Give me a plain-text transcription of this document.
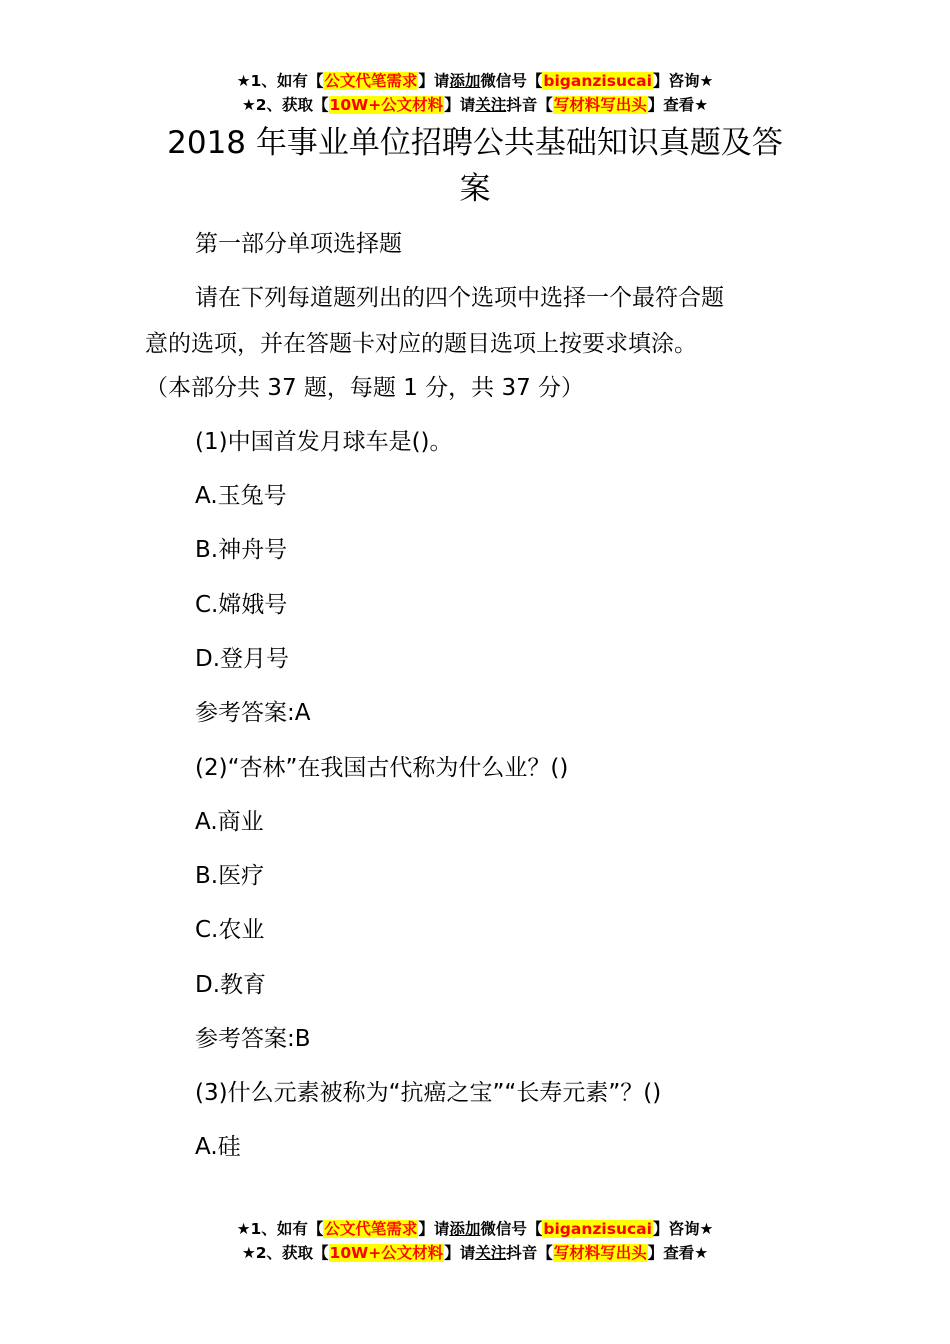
★1、如有【公文代笔需求】请添加微信号【biganzisucai】咨询★
★2、获取【10W+公文材料】请关注抖音【写材料写出头】查看★
2018 年事业单位招聘公共基础知识真题及答
案
第一部分单项选择题
请在下列每道题列出的四个选项中选择一个最符合题
意的选项，并在答题卡对应的题目选项上按要求填涂。
（本部分共 37 题，每题 1 分，共 37 分）
(1)中国首发月球车是()。
A.玉兔号
B.神舟号
C.嫦娥号
D.登月号
参考答案:A
(2)“杏林”在我国古代称为什么业？()
A.商业
B.医疗
C.农业
D.教育
参考答案:B
(3)什么元素被称为“抗癌之宝”“长寿元素”？()
A.硅
★1、如有【公文代笔需求】请添加微信号【biganzisucai】咨询★
★2、获取【10W+公文材料】请关注抖音【写材料写出头】查看★
